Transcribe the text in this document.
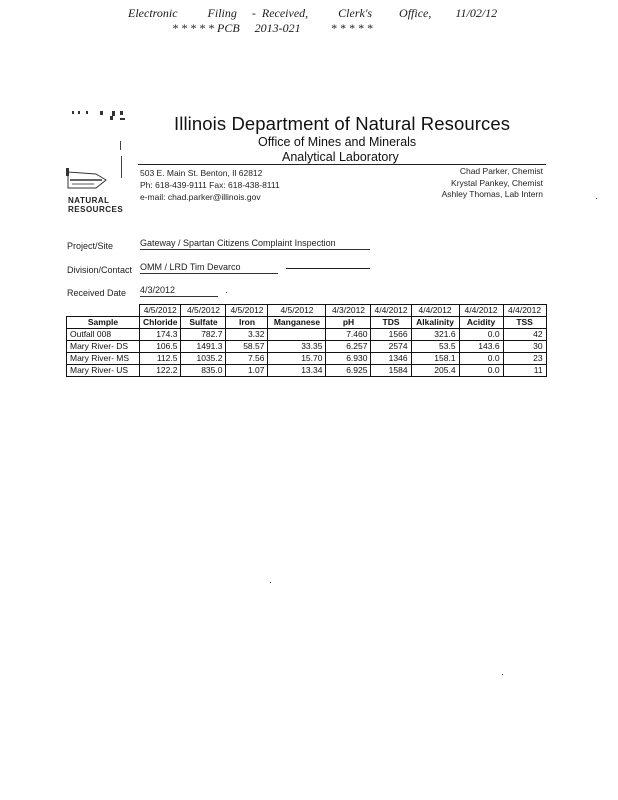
Electronic          Filing     -  Received,          Clerk's         Office,        11/02/12
* * * * * PCB     2013-021          * * * * *
NATURAL
RESOURCES
Illinois Department of Natural Resources
Office of Mines and Minerals
Analytical Laboratory
503 E. Main St. Benton, Il 62812
Ph: 618-439-9111 Fax: 618-438-8111
e-mail: chad.parker@illinois.gov
Chad Parker, Chemist
Krystal Pankey, Chemist
Ashley Thomas, Lab Intern
Project/Site	Gateway / Spartan Citizens Complaint Inspection
Division/Contact OMM / LRD Tim Devarco
Received Date 4/3/2012
	4/5/2012	4/5/2012	4/5/2012	4/5/2012	4/3/2012	4/4/2012	4/4/2012	4/4/2012	4/4/2012
Sample	Chloride	Sulfate	Iron	Manganese	pH	TDS	Alkalinity	Acidity	TSS
Outfall 008	174.3	782.7	3.32		7.460	1566	321.6	0.0	42
Mary River- DS	106.5	1491.3	58.57	33.35	6.257	2574	53.5	143.6	30
Mary River- MS	112.5	1035.2	7.56	15.70	6.930	1346	158.1	0.0	23
Mary River- US	122.2	835.0	1.07	13.34	6.925	1584	205.4	0.0	11
